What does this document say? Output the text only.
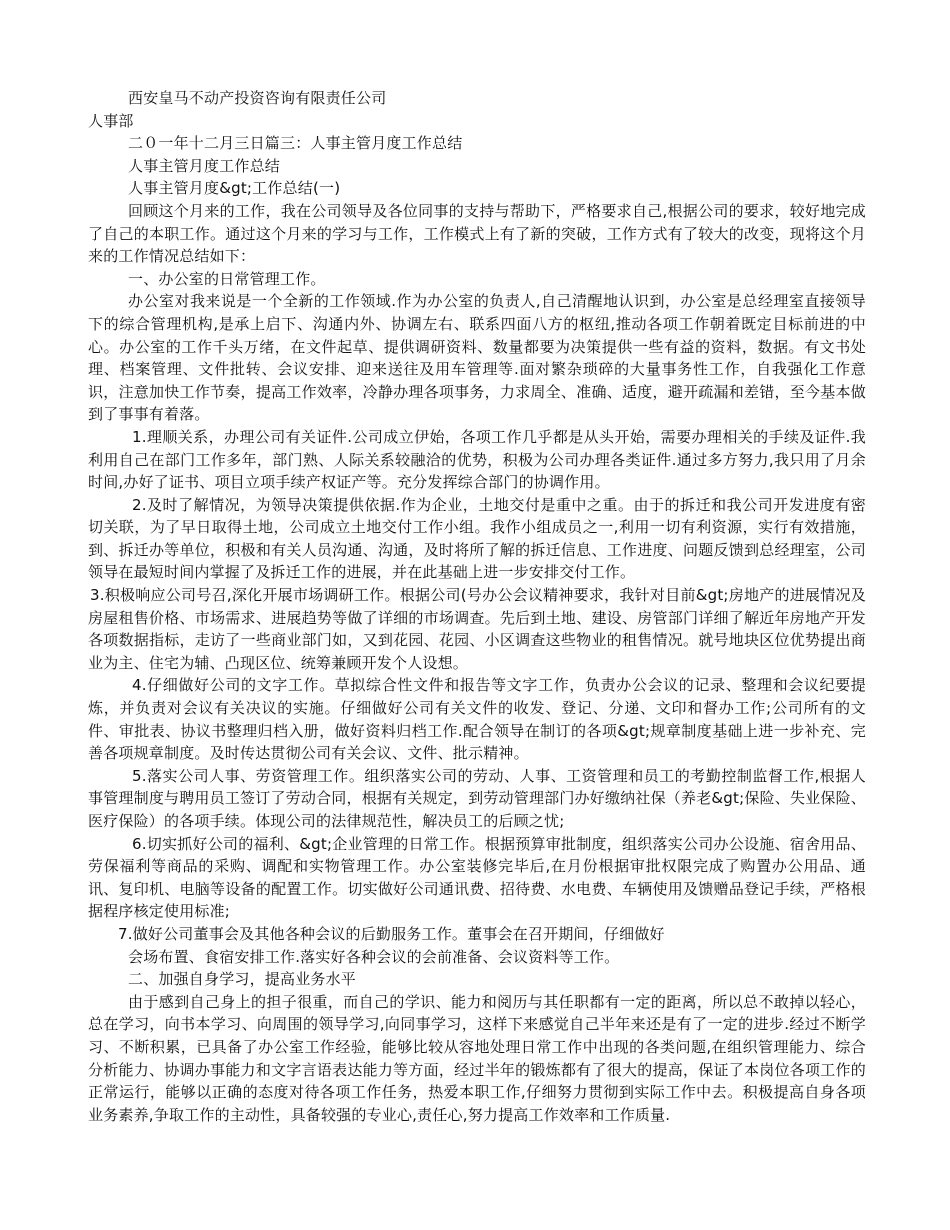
西安皇马不动产投资咨询有限责任公司

人事部

二０一年十二月三日篇三：人事主管月度工作总结

人事主管月度工作总结

人事主管月度&gt;工作总结(一)

回顾这个月来的工作，我在公司领导及各位同事的支持与帮助下，严格要求自己,根据公司的要求，较好地完成了自己的本职工作。通过这个月来的学习与工作，工作模式上有了新的突破，工作方式有了较大的改变，现将这个月来的工作情况总结如下：

一、办公室的日常管理工作。

办公室对我来说是一个全新的工作领域.作为办公室的负责人,自己清醒地认识到，办公室是总经理室直接领导下的综合管理机构,是承上启下、沟通内外、协调左右、联系四面八方的枢纽,推动各项工作朝着既定目标前进的中心。办公室的工作千头万绪，在文件起草、提供调研资料、数量都要为决策提供一些有益的资料，数据。有文书处理、档案管理、文件批转、会议安排、迎来送往及用车管理等.面对繁杂琐碎的大量事务性工作，自我强化工作意识，注意加快工作节奏，提高工作效率，冷静办理各项事务，力求周全、准确、适度，避开疏漏和差错，至今基本做到了事事有着落。

1.理顺关系，办理公司有关证件.公司成立伊始，各项工作几乎都是从头开始，需要办理相关的手续及证件.我利用自己在部门工作多年，部门熟、人际关系较融洽的优势，积极为公司办理各类证件.通过多方努力,我只用了月余时间,办好了证书、项目立项手续产权证产等。充分发挥综合部门的协调作用。

2.及时了解情况，为领导决策提供依据.作为企业，土地交付是重中之重。由于的拆迁和我公司开发进度有密切关联，为了早日取得土地，公司成立土地交付工作小组。我作小组成员之一,利用一切有利资源，实行有效措施，到、拆迁办等单位，积极和有关人员沟通、沟通，及时将所了解的拆迁信息、工作进度、问题反馈到总经理室，公司领导在最短时间内掌握了及拆迁工作的进展，并在此基础上进一步安排交付工作。

3.积极响应公司号召,深化开展市场调研工作。根据公司(号办公会议精神要求，我针对目前&gt;房地产的进展情况及房屋租售价格、市场需求、进展趋势等做了详细的市场调查。先后到土地、建设、房管部门详细了解近年房地产开发各项数据指标，走访了一些商业部门如，又到花园、花园、小区调查这些物业的租售情况。就号地块区位优势提出商业为主、住宅为辅、凸现区位、统筹兼顾开发个人设想。

4.仔细做好公司的文字工作。草拟综合性文件和报告等文字工作，负责办公会议的记录、整理和会议纪要提炼，并负责对会议有关决议的实施。仔细做好公司有关文件的收发、登记、分递、文印和督办工作;公司所有的文件、审批表、协议书整理归档入册，做好资料归档工作.配合领导在制订的各项&gt;规章制度基础上进一步补充、完善各项规章制度。及时传达贯彻公司有关会议、文件、批示精神。

5.落实公司人事、劳资管理工作。组织落实公司的劳动、人事、工资管理和员工的考勤控制监督工作,根据人事管理制度与聘用员工签订了劳动合同，根据有关规定，到劳动管理部门办好缴纳社保（养老&gt;保险、失业保险、医疗保险）的各项手续。体现公司的法律规范性，解决员工的后顾之忧;

6.切实抓好公司的福利、&gt;企业管理的日常工作。根据预算审批制度，组织落实公司办公设施、宿舍用品、劳保福利等商品的采购、调配和实物管理工作。办公室装修完毕后,在月份根据审批权限完成了购置办公用品、通讯、复印机、电脑等设备的配置工作。切实做好公司通讯费、招待费、水电费、车辆使用及馈赠品登记手续，严格根据程序核定使用标准;

7.做好公司董事会及其他各种会议的后勤服务工作。董事会在召开期间，仔细做好

会场布置、食宿安排工作.落实好各种会议的会前准备、会议资料等工作。

二、加强自身学习，提高业务水平

由于感到自己身上的担子很重，而自己的学识、能力和阅历与其任职都有一定的距离，所以总不敢掉以轻心，总在学习，向书本学习、向周围的领导学习,向同事学习，这样下来感觉自己半年来还是有了一定的进步.经过不断学习、不断积累，已具备了办公室工作经验，能够比较从容地处理日常工作中出现的各类问题,在组织管理能力、综合分析能力、协调办事能力和文字言语表达能力等方面，经过半年的锻炼都有了很大的提高，保证了本岗位各项工作的正常运行，能够以正确的态度对待各项工作任务，热爱本职工作,仔细努力贯彻到实际工作中去。积极提高自身各项业务素养,争取工作的主动性，具备较强的专业心,责任心,努力提高工作效率和工作质量.
